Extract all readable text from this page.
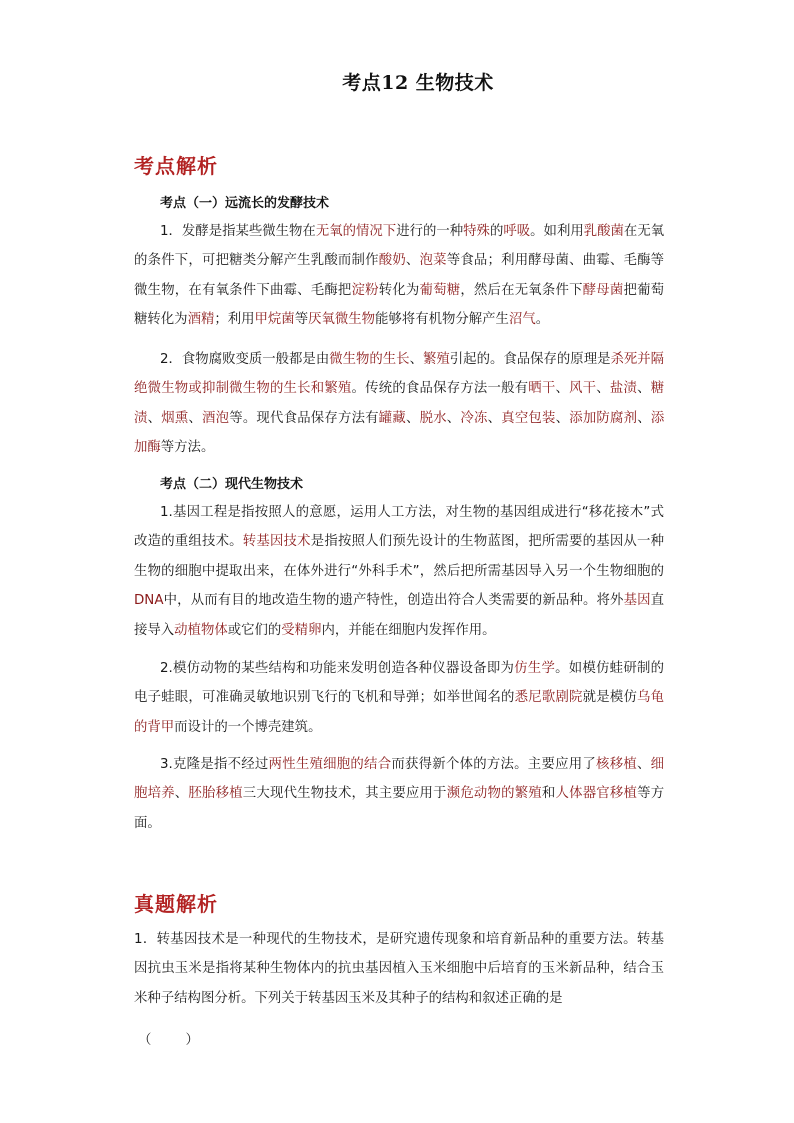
考点12 生物技术
考点解析
考点（一）远流长的发酵技术

1．发酵是指某些微生物在无氧的情况下进行的一种特殊的呼吸。如利用乳酸菌在无氧的条件下，可把糖类分解产生乳酸而制作酸奶、泡菜等食品；利用酵母菌、曲霉、毛酶等微生物，在有氧条件下曲霉、毛酶把淀粉转化为葡萄糖，然后在无氧条件下酵母菌把葡萄糖转化为酒精；利用甲烷菌等厌氧微生物能够将有机物分解产生沼气。

2．食物腐败变质一般都是由微生物的生长、繁殖引起的。食品保存的原理是杀死并隔绝微生物或抑制微生物的生长和繁殖。传统的食品保存方法一般有晒干、风干、盐渍、糖渍、烟熏、酒泡等。现代食品保存方法有罐藏、脱水、冷冻、真空包装、添加防腐剂、添加酶等方法。

考点（二）现代生物技术

1.基因工程是指按照人的意愿，运用人工方法，对生物的基因组成进行“移花接木”式改造的重组技术。转基因技术是指按照人们预先设计的生物蓝图，把所需要的基因从一种生物的细胞中提取出来，在体外进行“外科手术”，然后把所需基因导入另一个生物细胞的DNA中，从而有目的地改造生物的遗产特性，创造出符合人类需要的新品种。将外基因直接导入动植物体或它们的受精卵内，并能在细胞内发挥作用。

2.模仿动物的某些结构和功能来发明创造各种仪器设备即为仿生学。如模仿蛙研制的电子蛙眼，可准确灵敏地识别飞行的飞机和导弹；如举世闻名的悉尼歌剧院就是模仿乌龟的背甲而设计的一个博壳建筑。

3.克隆是指不经过两性生殖细胞的结合而获得新个体的方法。主要应用了核移植、细胞培养、胚胎移植三大现代生物技术，其主要应用于濒危动物的繁殖和人体器官移植等方面。

真题解析

1．转基因技术是一种现代的生物技术，是研究遗传现象和培育新品种的重要方法。转基因抗虫玉米是指将某种生物体内的抗虫基因植入玉米细胞中后培育的玉米新品种，结合玉米种子结构图分析。下列关于转基因玉米及其种子的结构和叙述正确的是

（        ）
